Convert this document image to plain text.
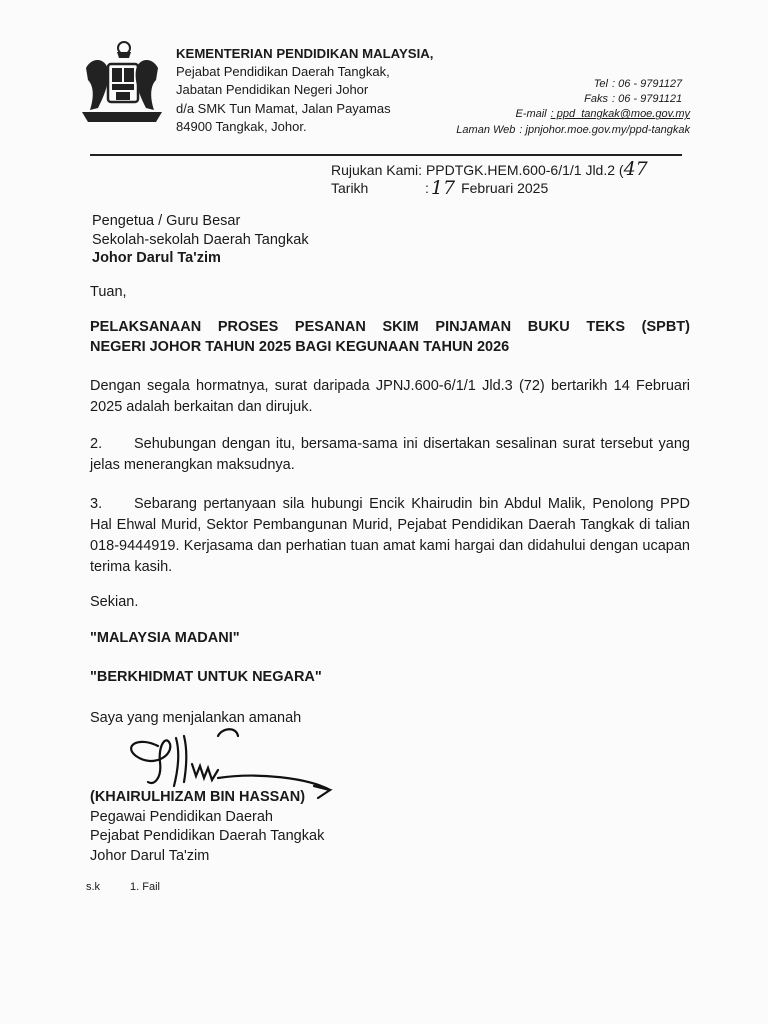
KEMENTERIAN PENDIDIKAN MALAYSIA,
Pejabat Pendidikan Daerah Tangkak,
Jabatan Pendidikan Negeri Johor
d/a SMK Tun Mamat, Jalan Payamas
84900 Tangkak, Johor.
Tel : 06 - 9791127
Faks : 06 - 9791121
E-mail : ppd_tangkak@moe.gov.my
Laman Web : jpnjohor.moe.gov.my/ppd-tangkak
Rujukan Kami: PPDTGK.HEM.600-6/1/1 Jld.2 (47
Tarikh	: 17 Februari 2025
Pengetua / Guru Besar
Sekolah-sekolah Daerah Tangkak
Johor Darul Ta'zim
Tuan,
PELAKSANAAN PROSES PESANAN SKIM PINJAMAN BUKU TEKS (SPBT)
NEGERI JOHOR TAHUN 2025 BAGI KEGUNAAN TAHUN 2026
Dengan segala hormatnya, surat daripada JPNJ.600-6/1/1 Jld.3 (72) bertarikh 14 Februari 2025 adalah berkaitan dan dirujuk.
2. Sehubungan dengan itu, bersama-sama ini disertakan sesalinan surat tersebut yang jelas menerangkan maksudnya.
3. Sebarang pertanyaan sila hubungi Encik Khairudin bin Abdul Malik, Penolong PPD Hal Ehwal Murid, Sektor Pembangunan Murid, Pejabat Pendidikan Daerah Tangkak di talian 018-9444919. Kerjasama dan perhatian tuan amat kami hargai dan didahului dengan ucapan terima kasih.
Sekian.
"MALAYSIA MADANI"
"BERKHIDMAT UNTUK NEGARA"
Saya yang menjalankan amanah
(KHAIRULHIZAM BIN HASSAN)
Pegawai Pendidikan Daerah
Pejabat Pendidikan Daerah Tangkak
Johor Darul Ta'zim
s.k	1. Fail
